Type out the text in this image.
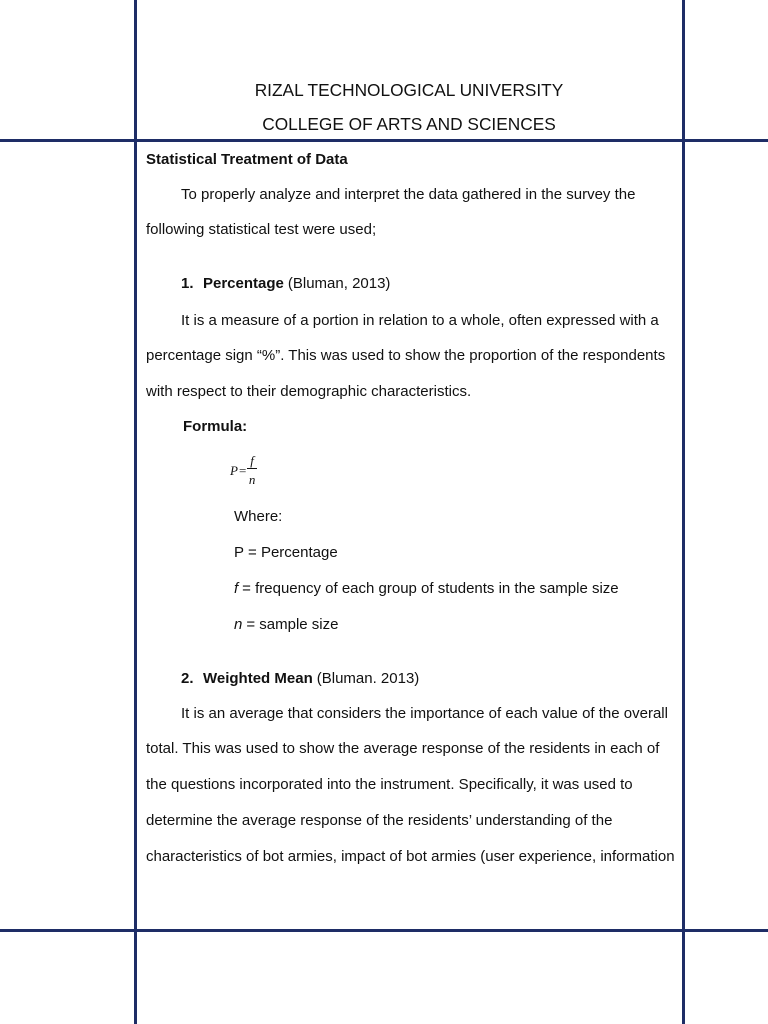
RIZAL TECHNOLOGICAL UNIVERSITY
COLLEGE OF ARTS AND SCIENCES
Statistical Treatment of Data
To properly analyze and interpret the data gathered in the survey the
following statistical test were used;
1. Percentage (Bluman, 2013)
It is a measure of a portion in relation to a whole, often expressed with a
percentage sign “%”. This was used to show the proportion of the respondents
with respect to their demographic characteristics.
Formula:
$P = \frac{f}{n}$
Where:
P = Percentage
f = frequency of each group of students in the sample size
n = sample size
2. Weighted Mean (Bluman. 2013)
It is an average that considers the importance of each value of the overall
total. This was used to show the average response of the residents in each of
the questions incorporated into the instrument. Specifically, it was used to
determine the average response of the residents’ understanding of the
characteristics of bot armies, impact of bot armies (user experience, information
